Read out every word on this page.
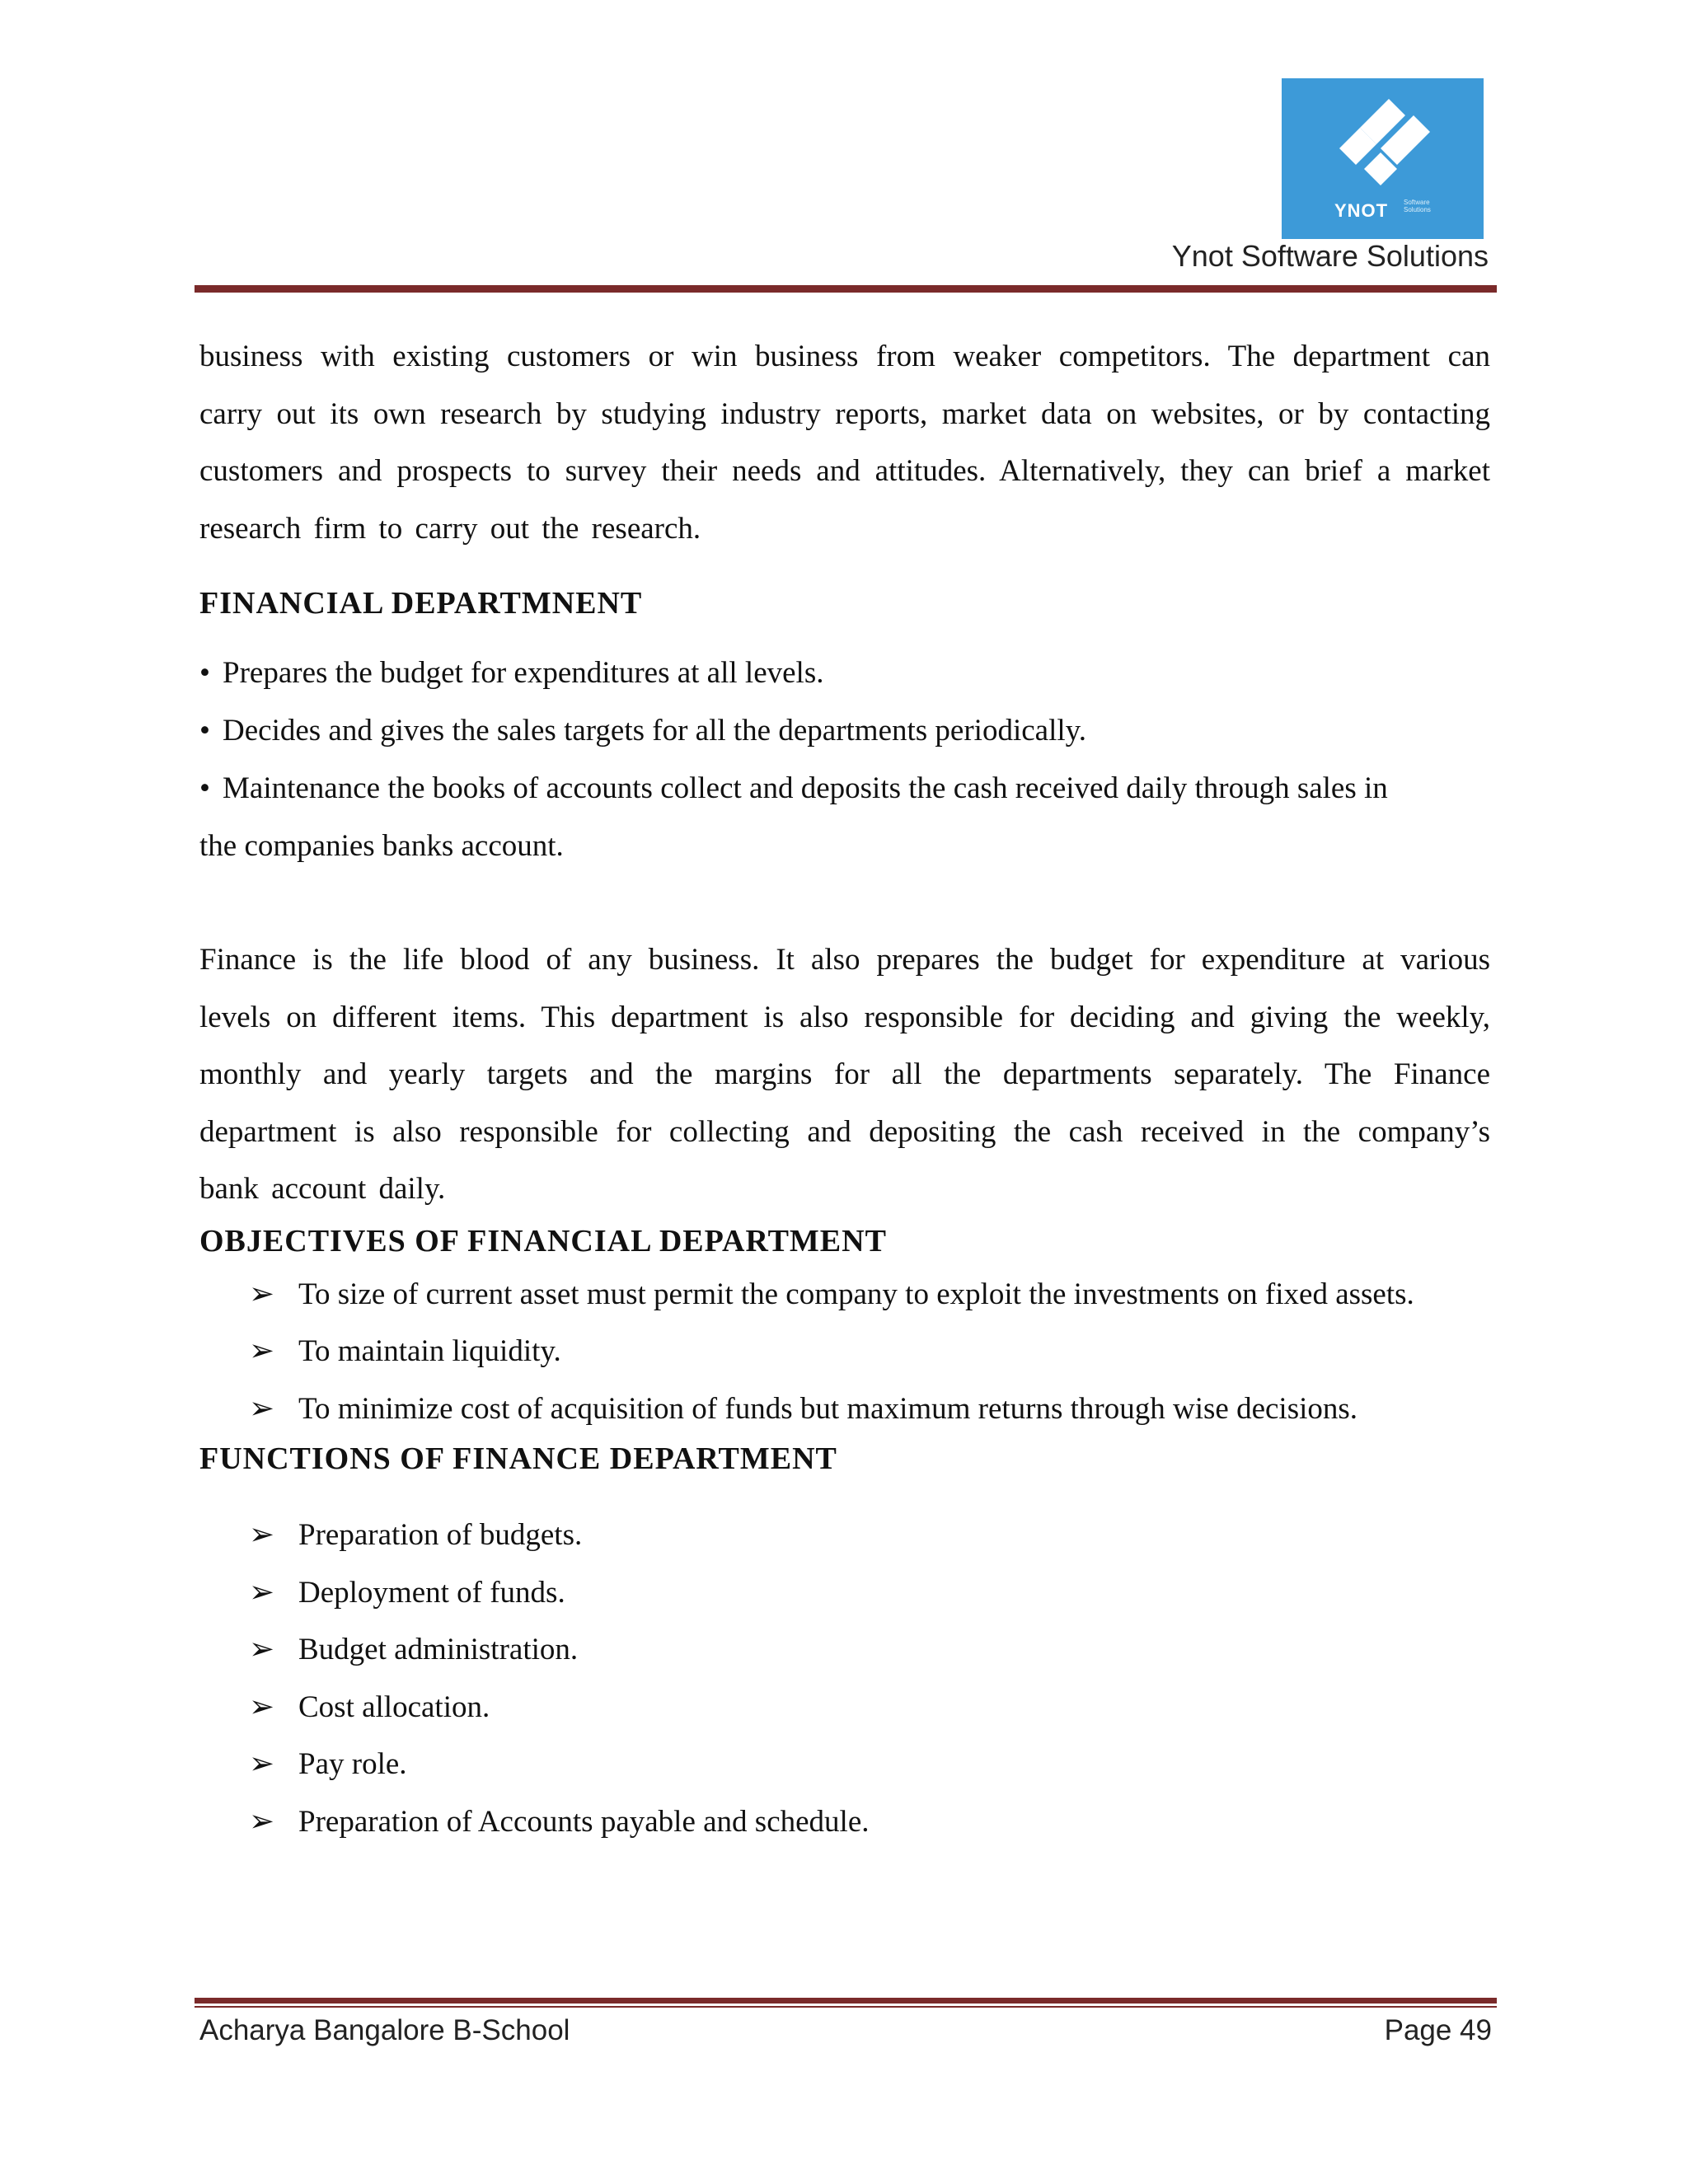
YNOT Software Solutions
Ynot Software Solutions

business with existing customers or win business from weaker competitors. The department can carry out its own research by studying industry reports, market data on websites, or by contacting customers and prospects to survey their needs and attitudes. Alternatively, they can brief a market research firm to carry out the research.

FINANCIAL DEPARTMNENT
• Prepares the budget for expenditures at all levels.
• Decides and gives the sales targets for all the departments periodically.
• Maintenance the books of accounts collect and deposits the cash received daily through sales in
the companies banks account.

Finance is the life blood of any business. It also prepares the budget for expenditure at various levels on different items. This department is also responsible for deciding and giving the weekly, monthly and yearly targets and the margins for all the departments separately. The Finance department is also responsible for collecting and depositing the cash received in the company’s bank account daily.

OBJECTIVES OF FINANCIAL DEPARTMENT
➢ To size of current asset must permit the company to exploit the investments on fixed assets.
➢ To maintain liquidity.
➢ To minimize cost of acquisition of funds but maximum returns through wise decisions.
FUNCTIONS OF FINANCE DEPARTMENT
➢ Preparation of budgets.
➢ Deployment of funds.
➢ Budget administration.
➢ Cost allocation.
➢ Pay role.
➢ Preparation of Accounts payable and schedule.
Acharya Bangalore B-School	Page 49
